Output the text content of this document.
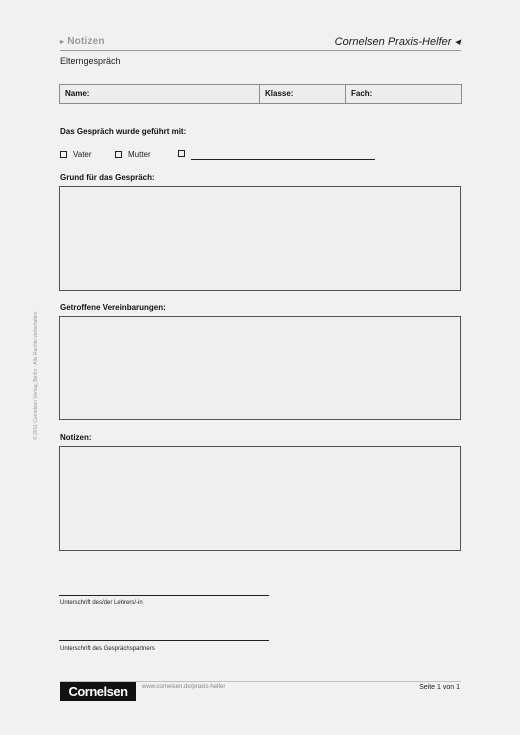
▸ Notizen	Cornelsen Praxis-Helfer ◂
Elterngespräch
Name:	Klasse:	Fach:
Das Gespräch wurde geführt mit:
Vater	Mutter
Grund für das Gespräch:
Getroffene Vereinbarungen:
Notizen:
Unterschrift des/der Lehrers/-in
Unterschrift des Gesprächspartners
Cornelsen	www.cornelsen.de/praxis-helfer	Seite 1 von 1
© 2011 Cornelsen Verlag, Berlin · Alle Rechte vorbehalten
